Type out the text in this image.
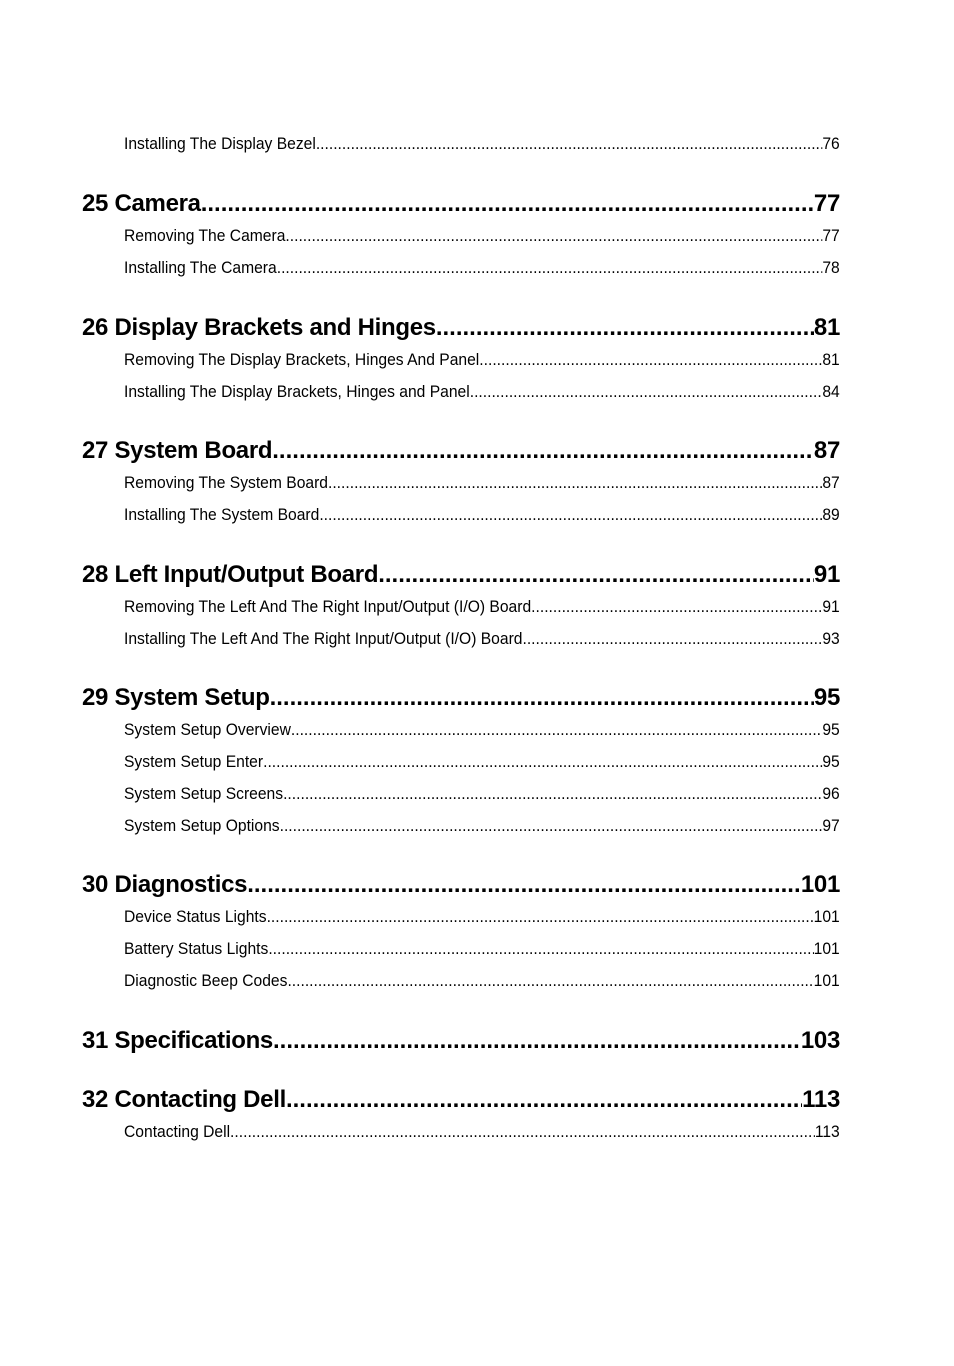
Installing The Display Bezel .....	76
25 Camera .....	77
Removing The Camera .....	77
Installing The Camera .....	78
26 Display Brackets and Hinges .....	81
Removing The Display Brackets, Hinges And Panel .....	81
Installing The Display Brackets, Hinges and Panel .....	84
27 System Board .....	87
Removing The System Board .....	87
Installing The System Board .....	89
28 Left Input/Output Board .....	91
Removing The Left And The Right Input/Output (I/O) Board .....	91
Installing The Left And The Right Input/Output (I/O) Board .....	93
29 System Setup .....	95
System Setup Overview .....	95
System Setup Enter .....	95
System Setup Screens .....	96
System Setup Options .....	97
30 Diagnostics .....	101
Device Status Lights .....	101
Battery Status Lights .....	101
Diagnostic Beep Codes .....	101
31 Specifications .....	103
32 Contacting Dell .....	113
Contacting Dell .....	113
